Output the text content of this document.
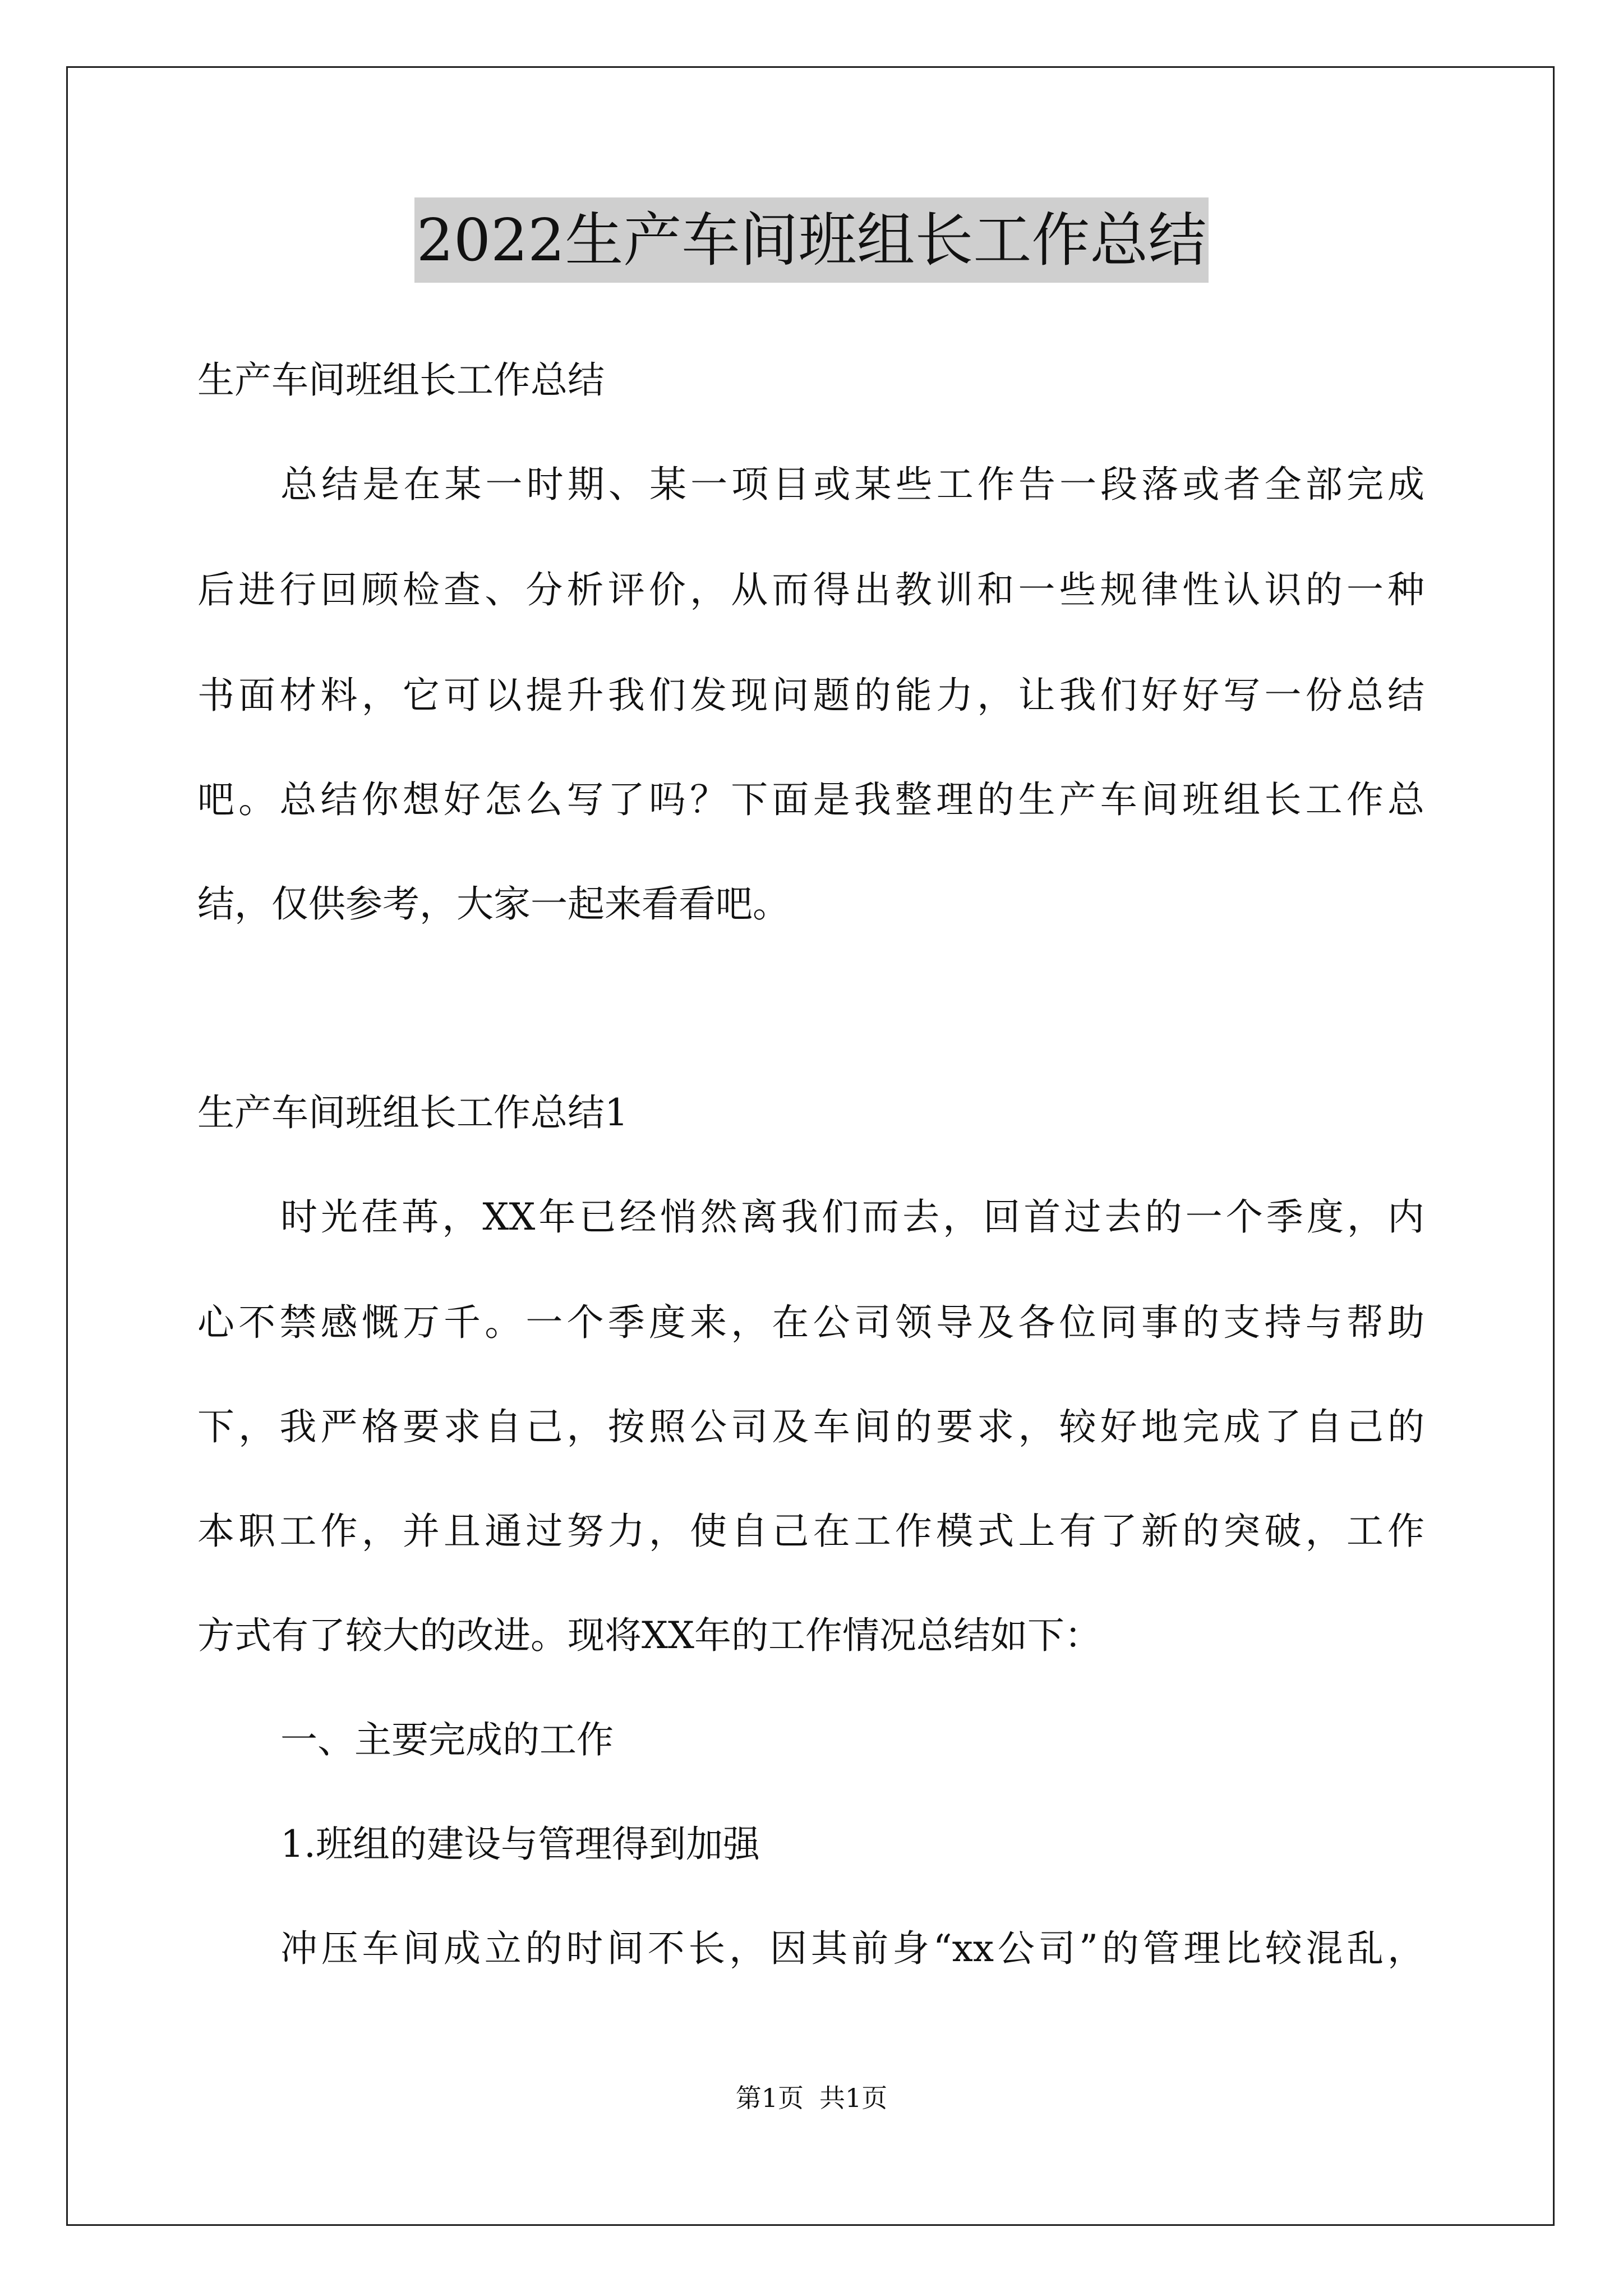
2022生产车间班组长工作总结
生产车间班组长工作总结
总结是在某一时期、某一项目或某些工作告一段落或者全部完成
后进行回顾检查、分析评价，从而得出教训和一些规律性认识的一种
书面材料，它可以提升我们发现问题的能力，让我们好好写一份总结
吧。总结你想好怎么写了吗？下面是我整理的生产车间班组长工作总
结，仅供参考，大家一起来看看吧。
生产车间班组长工作总结1
时光荏苒，XX年已经悄然离我们而去，回首过去的一个季度，内
心不禁感慨万千。一个季度来，在公司领导及各位同事的支持与帮助
下，我严格要求自己，按照公司及车间的要求，较好地完成了自己的
本职工作，并且通过努力，使自己在工作模式上有了新的突破，工作
方式有了较大的改进。现将XX年的工作情况总结如下：
一、主要完成的工作
1.班组的建设与管理得到加强
冲压车间成立的时间不长，因其前身“xx公司”的管理比较混乱，
第1页 共1页
